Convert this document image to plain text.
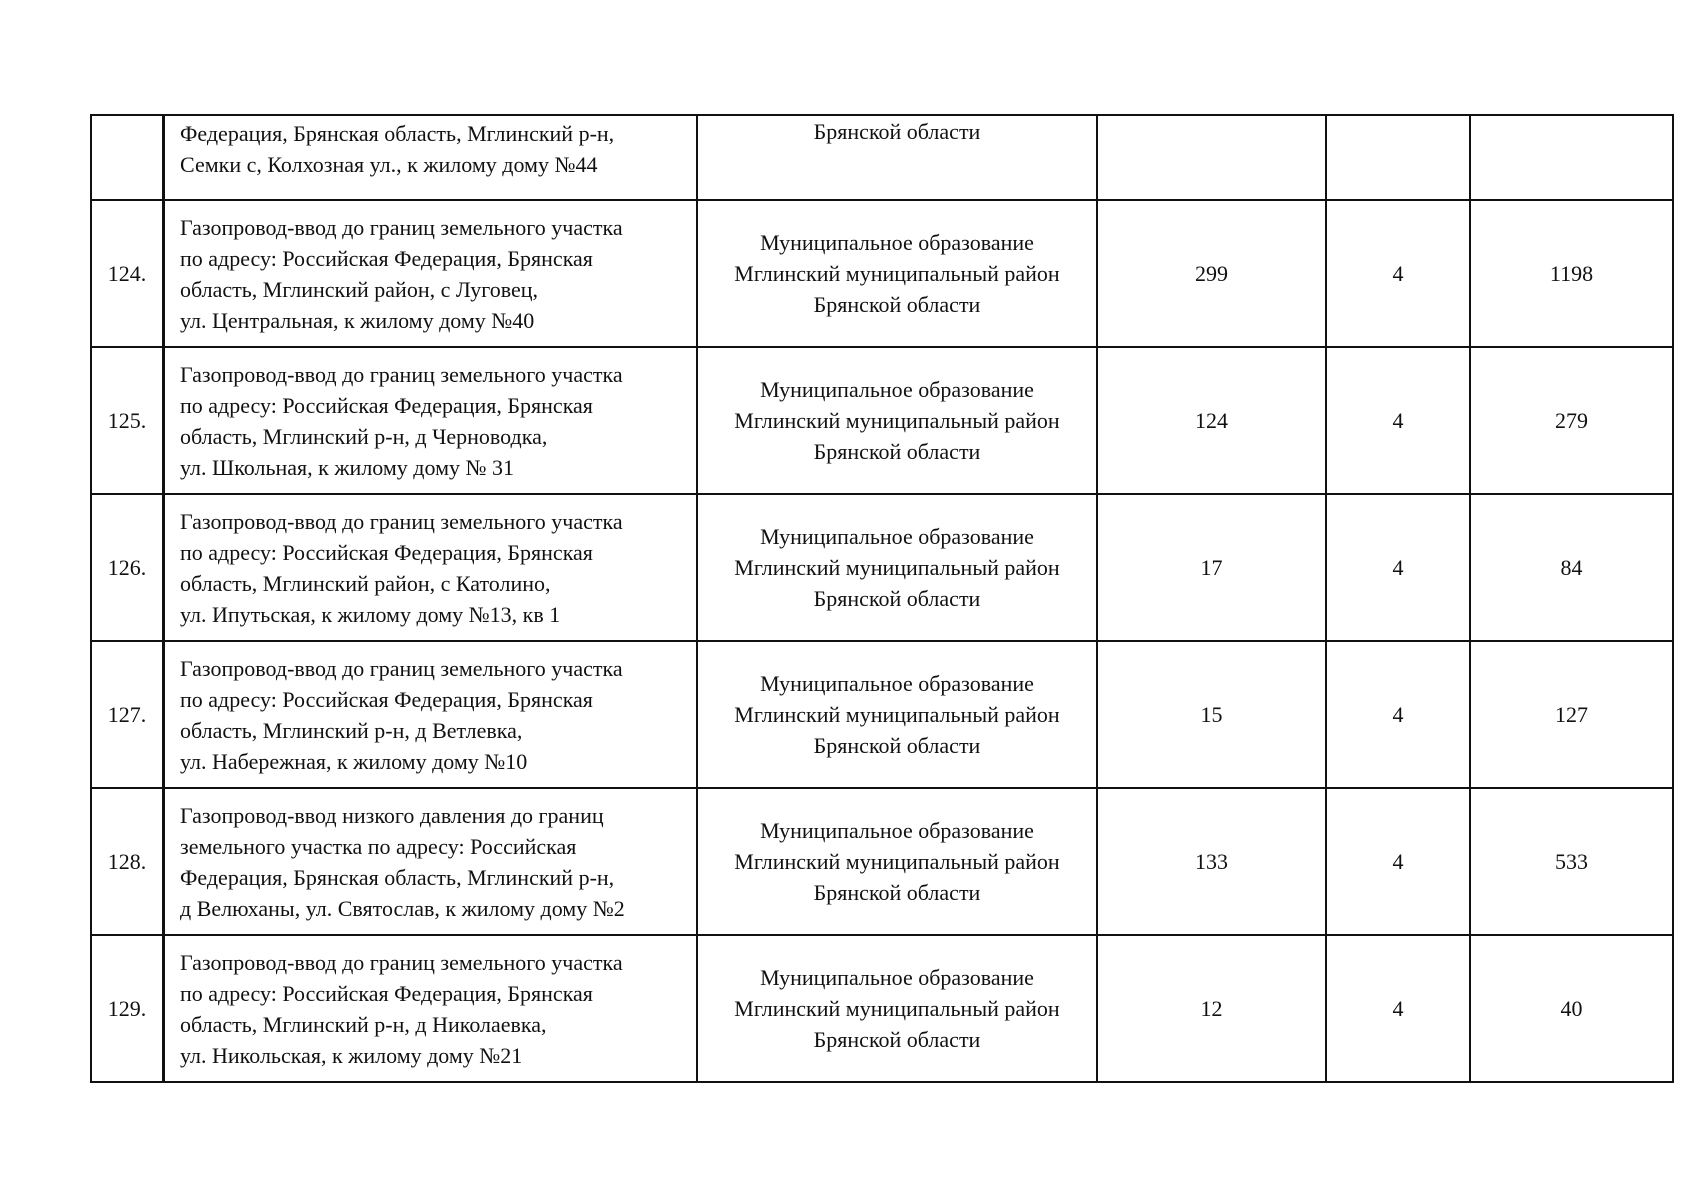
	Федерация, Брянская область, Мглинский р-н,
Семки с, Колхозная ул., к жилому дому №44	Брянской области			

124.	Газопровод-ввод до границ земельного участка
по адресу: Российская Федерация, Брянская
область, Мглинский район, с Луговец,
ул. Центральная, к жилому дому №40	Муниципальное образование
Мглинский муниципальный район
Брянской области	299	4	1198
125.	Газопровод-ввод до границ земельного участка
по адресу: Российская Федерация, Брянская
область, Мглинский р-н, д Черноводка,
ул. Школьная, к жилому дому № 31	Муниципальное образование
Мглинский муниципальный район
Брянской области	124	4	279
126.	Газопровод-ввод до границ земельного участка
по адресу: Российская Федерация, Брянская
область, Мглинский район, с Католино,
ул. Ипутьская, к жилому дому №13, кв 1	Муниципальное образование
Мглинский муниципальный район
Брянской области	17	4	84
127.	Газопровод-ввод до границ земельного участка
по адресу: Российская Федерация, Брянская
область, Мглинский р-н, д Ветлевка,
ул. Набережная, к жилому дому №10	Муниципальное образование
Мглинский муниципальный район
Брянской области	15	4	127
128.	Газопровод-ввод низкого давления до границ
земельного участка по адресу: Российская
Федерация, Брянская область, Мглинский р-н,
д Велюханы, ул. Святослав, к жилому дому №2	Муниципальное образование
Мглинский муниципальный район
Брянской области	133	4	533
129.	Газопровод-ввод до границ земельного участка
по адресу: Российская Федерация, Брянская
область, Мглинский р-н, д Николаевка,
ул. Никольская, к жилому дому №21	Муниципальное образование
Мглинский муниципальный район
Брянской области	12	4	40
